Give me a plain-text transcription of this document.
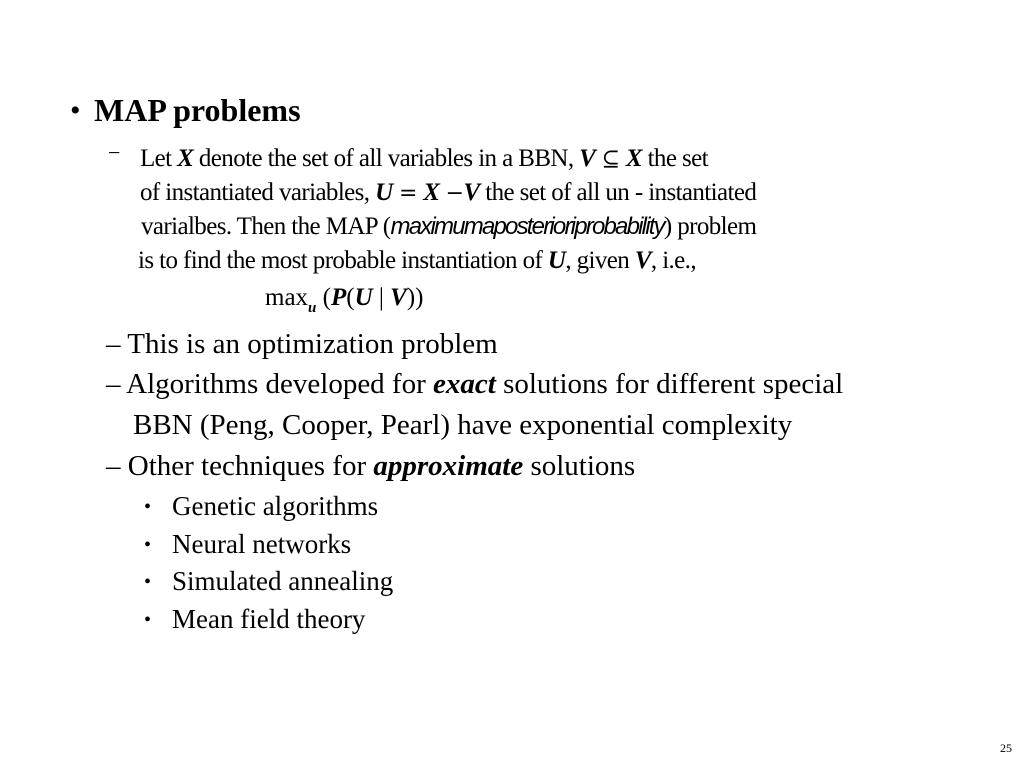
• MAP problems
− Let X denote the set of all variables in a BBN, V ⊆ X the set
of instantiated variables, U = X −V the set of all un - instantiated
varialbes. Then the MAP (maximumaposterioriprobability) problem
is to find the most probable instantiation of U, given V, i.e.,
$\max_u (P(U$ | V))
– This is an optimization problem
– Algorithms developed for exact solutions for different special
BBN (Peng, Cooper, Pearl) have exponential complexity
– Other techniques for approximate solutions
• Genetic algorithms
• Neural networks
• Simulated annealing
• Mean field theory
25
